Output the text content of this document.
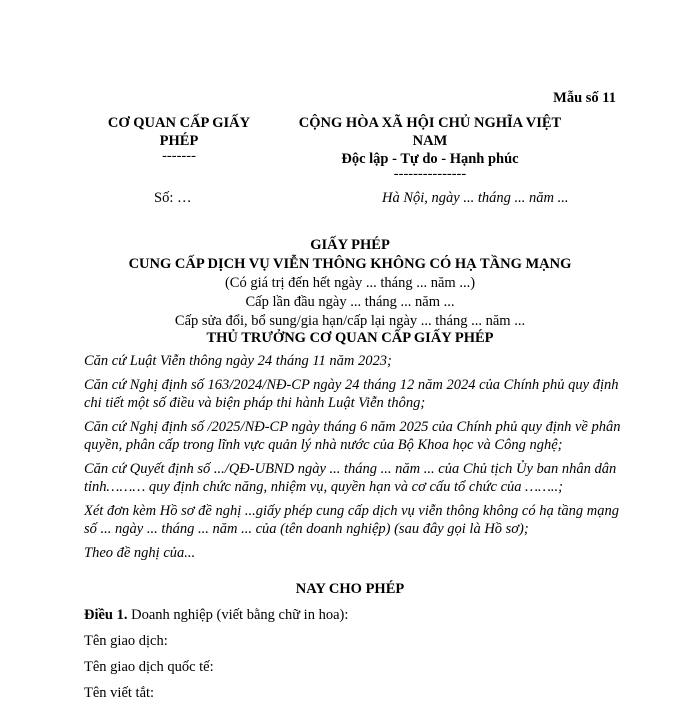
Mẫu số 11
CƠ QUAN CẤP GIẤY
PHÉP
-------
CỘNG HÒA XÃ HỘI CHỦ NGHĨA VIỆT
NAM
Độc lập - Tự do - Hạnh phúc
---------------
Số: …	Hà Nội, ngày ... tháng ... năm ...
GIẤY PHÉP
CUNG CẤP DỊCH VỤ VIỄN THÔNG KHÔNG CÓ HẠ TẦNG MẠNG
(Có giá trị đến hết ngày ... tháng ... năm ...)
Cấp lần đầu ngày ... tháng ... năm ...
Cấp sửa đổi, bổ sung/gia hạn/cấp lại ngày ... tháng ... năm ...
THỦ TRƯỞNG CƠ QUAN CẤP GIẤY PHÉP

Căn cứ Luật Viễn thông ngày 24 tháng 11 năm 2023;

Căn cứ Nghị định số 163/2024/NĐ-CP ngày 24 tháng 12 năm 2024 của Chính phủ quy định chi tiết một số điều và biện pháp thi hành Luật Viễn thông;

Căn cứ Nghị định số /2025/NĐ-CP ngày tháng 6 năm 2025 của Chính phủ quy định về phân quyền, phân cấp trong lĩnh vực quản lý nhà nước của Bộ Khoa học và Công nghệ;

Căn cứ Quyết định số .../QĐ-UBND ngày ... tháng ... năm ... của Chủ tịch Ủy ban nhân dân tỉnh……… quy định chức năng, nhiệm vụ, quyền hạn và cơ cấu tổ chức của ……..;

Xét đơn kèm Hồ sơ đề nghị ...giấy phép cung cấp dịch vụ viễn thông không có hạ tầng mạng số ... ngày ... tháng ... năm ... của (tên doanh nghiệp) (sau đây gọi là Hồ sơ);

Theo đề nghị của...

NAY CHO PHÉP

Điều 1. Doanh nghiệp (viết bằng chữ in hoa):

Tên giao dịch:

Tên giao dịch quốc tế:

Tên viết tắt:
